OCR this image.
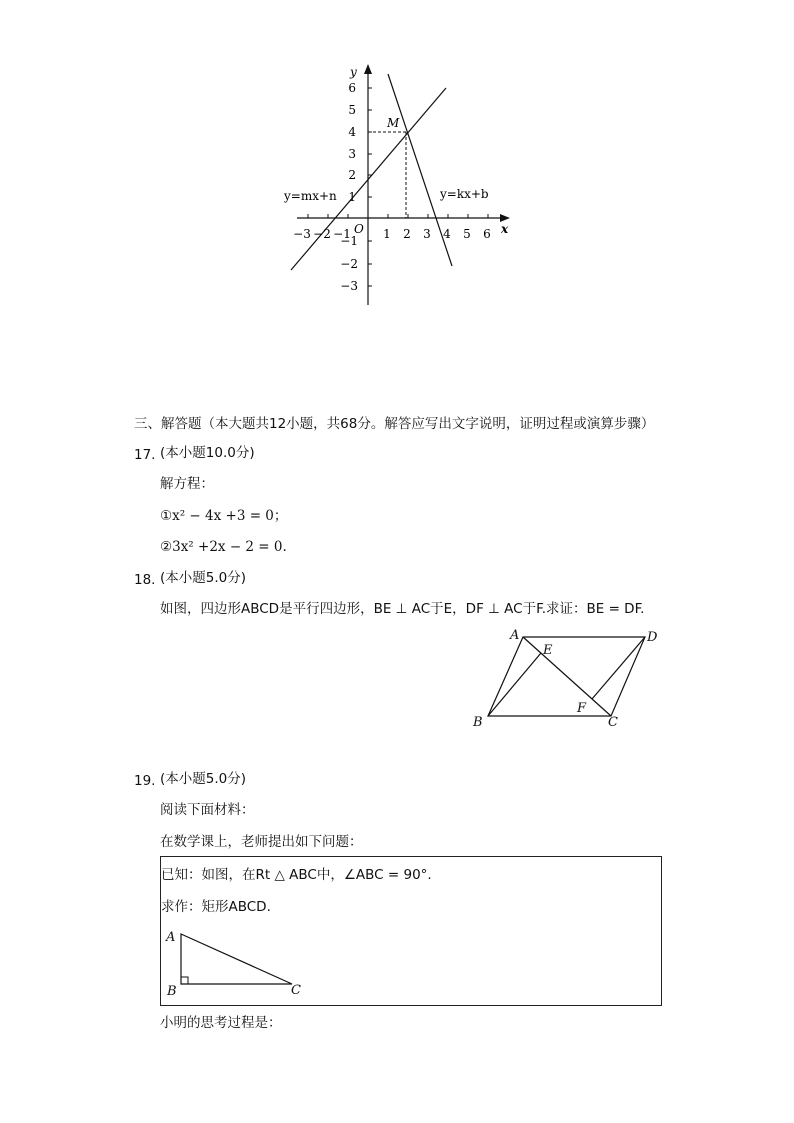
y
x
O
M
y=mx+n	y=kx+b
−3 −2 −1	1 2 3 4 5 6
6
5
4
3
2
1
−1
−2
−3
三、解答题（本大题共12小题，共68分。解答应写出文字说明，证明过程或演算步骤）
17. (本小题10.0分)
解方程：
①x² − 4x +3 = 0；
②3x² +2x − 2 = 0.
18. (本小题5.0分)
如图，四边形ABCD是平行四边形，BE ⊥ AC于E，DF ⊥ AC于F.求证：BE = DF.
A	D
E
F
B	C
19. (本小题5.0分)
阅读下面材料：
在数学课上，老师提出如下问题：
已知：如图，在Rt △ ABC中，∠ABC = 90°.
求作：矩形ABCD.
A
B	C
小明的思考过程是：
